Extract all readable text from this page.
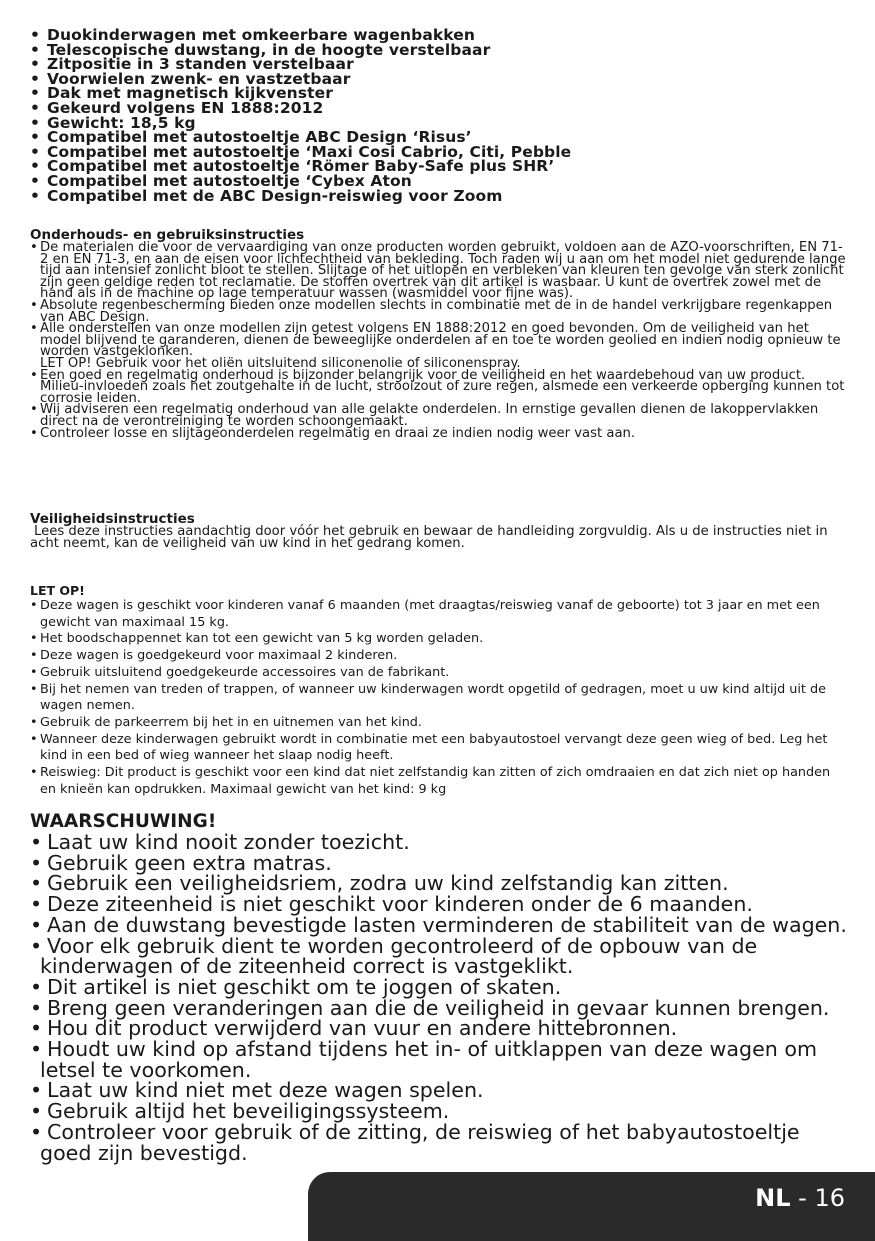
• Duokinderwagen met omkeerbare wagenbakken
• Telescopische duwstang, in de hoogte verstelbaar
• Zitpositie in 3 standen verstelbaar
• Voorwielen zwenk- en vastzetbaar
• Dak met magnetisch kijkvenster
• Gekeurd volgens EN 1888:2012
• Gewicht: 18,5 kg
• Compatibel met autostoeltje ABC Design ‘Risus’
• Compatibel met autostoeltje ‘Maxi Cosi Cabrio, Citi, Pebble
• Compatibel met autostoeltje ‘Römer Baby-Safe plus SHR’
• Compatibel met autostoeltje ‘Cybex Aton
• Compatibel met de ABC Design-reiswieg voor Zoom
Onderhouds- en gebruiksinstructies
• De materialen die voor de vervaardiging van onze producten worden gebruikt, voldoen aan de AZO-voorschriften, EN 71-2 en EN 71-3, en aan de eisen voor lichtechtheid van bekleding. Toch raden wij u aan om het model niet gedurende lange tijd aan intensief zonlicht bloot te stellen. Slijtage of het uitlopen en verbleken van kleuren ten gevolge van sterk zonlicht zijn geen geldige reden tot reclamatie. De stoffen overtrek van dit artikel is wasbaar. U kunt de overtrek zowel met de hand als in de machine op lage temperatuur wassen (wasmiddel voor fijne was).
• Absolute regenbescherming bieden onze modellen slechts in combinatie met de in de handel verkrijgbare regenkappen van ABC Design.
• Alle onderstellen van onze modellen zijn getest volgens EN 1888:2012 en goed bevonden. Om de veiligheid van het model blijvend te garanderen, dienen de beweeglijke onderdelen af en toe te worden geolied en indien nodig opnieuw te worden vastgeklonken.
LET OP! Gebruik voor het oliën uitsluitend siliconenolie of siliconenspray.
• Een goed en regelmatig onderhoud is bijzonder belangrijk voor de veiligheid en het waardebehoud van uw product. Milieu-invloeden zoals het zoutgehalte in de lucht, strooizout of zure regen, alsmede een verkeerde opberging kunnen tot corrosie leiden.
• Wij adviseren een regelmatig onderhoud van alle gelakte onderdelen. In ernstige gevallen dienen de lakoppervlakken direct na de verontreiniging te worden schoongemaakt.
• Controleer losse en slijtageonderdelen regelmatig en draai ze indien nodig weer vast aan.
Veiligheidsinstructies

Lees deze instructies aandachtig door vóór het gebruik en bewaar de handleiding zorgvuldig. Als u de instructies niet in acht neemt, kan de veiligheid van uw kind in het gedrang komen.

LET OP!
• Deze wagen is geschikt voor kinderen vanaf 6 maanden (met draagtas/reiswieg vanaf de geboorte) tot 3 jaar en met een gewicht van maximaal 15 kg.
• Het boodschappennet kan tot een gewicht van 5 kg worden geladen.
• Deze wagen is goedgekeurd voor maximaal 2 kinderen.
• Gebruik uitsluitend goedgekeurde accessoires van de fabrikant.
• Bij het nemen van treden of trappen, of wanneer uw kinderwagen wordt opgetild of gedragen, moet u uw kind altijd uit de wagen nemen.
• Gebruik de parkeerrem bij het in en uitnemen van het kind.
• Wanneer deze kinderwagen gebruikt wordt in combinatie met een babyautostoel vervangt deze geen wieg of bed. Leg het kind in een bed of wieg wanneer het slaap nodig heeft.
• Reiswieg: Dit product is geschikt voor een kind dat niet zelfstandig kan zitten of zich omdraaien en dat zich niet op handen en knieën kan opdrukken. Maximaal gewicht van het kind: 9 kg
WAARSCHUWING!
• Laat uw kind nooit zonder toezicht.
• Gebruik geen extra matras.
• Gebruik een veiligheidsriem, zodra uw kind zelfstandig kan zitten.
• Deze ziteenheid is niet geschikt voor kinderen onder de 6 maanden.
• Aan de duwstang bevestigde lasten verminderen de stabiliteit van de wagen.
• Voor elk gebruik dient te worden gecontroleerd of de opbouw van de kinderwagen of de ziteenheid correct is vastgeklikt.
• Dit artikel is niet geschikt om te joggen of skaten.
• Breng geen veranderingen aan die de veiligheid in gevaar kunnen brengen.
• Hou dit product verwijderd van vuur en andere hittebronnen.
• Houdt uw kind op afstand tijdens het in- of uitklappen van deze wagen om letsel te voorkomen.
• Laat uw kind niet met deze wagen spelen.
• Gebruik altijd het beveiligingssysteem.
• Controleer voor gebruik of de zitting, de reiswieg of het babyautostoeltje goed zijn bevestigd.
NL - 16
